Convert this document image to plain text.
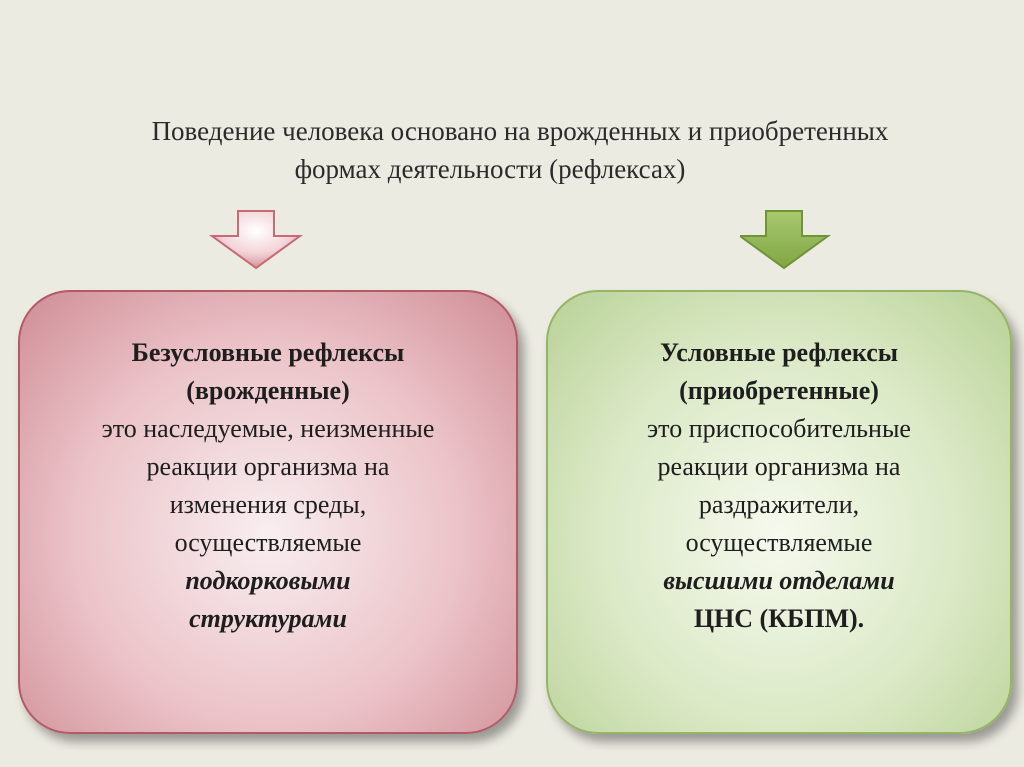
Поведение человека основано на врожденных и приобретенных
формах деятельности (рефлексах)
Безусловные рефлексы
(врожденные)
это наследуемые, неизменные
реакции организма на
изменения среды,
осуществляемые
подкорковыми
структурами
Условные рефлексы
(приобретенные)
это приспособительные
реакции организма на
раздражители,
осуществляемые
высшими отделами
ЦНС (КБПМ).
